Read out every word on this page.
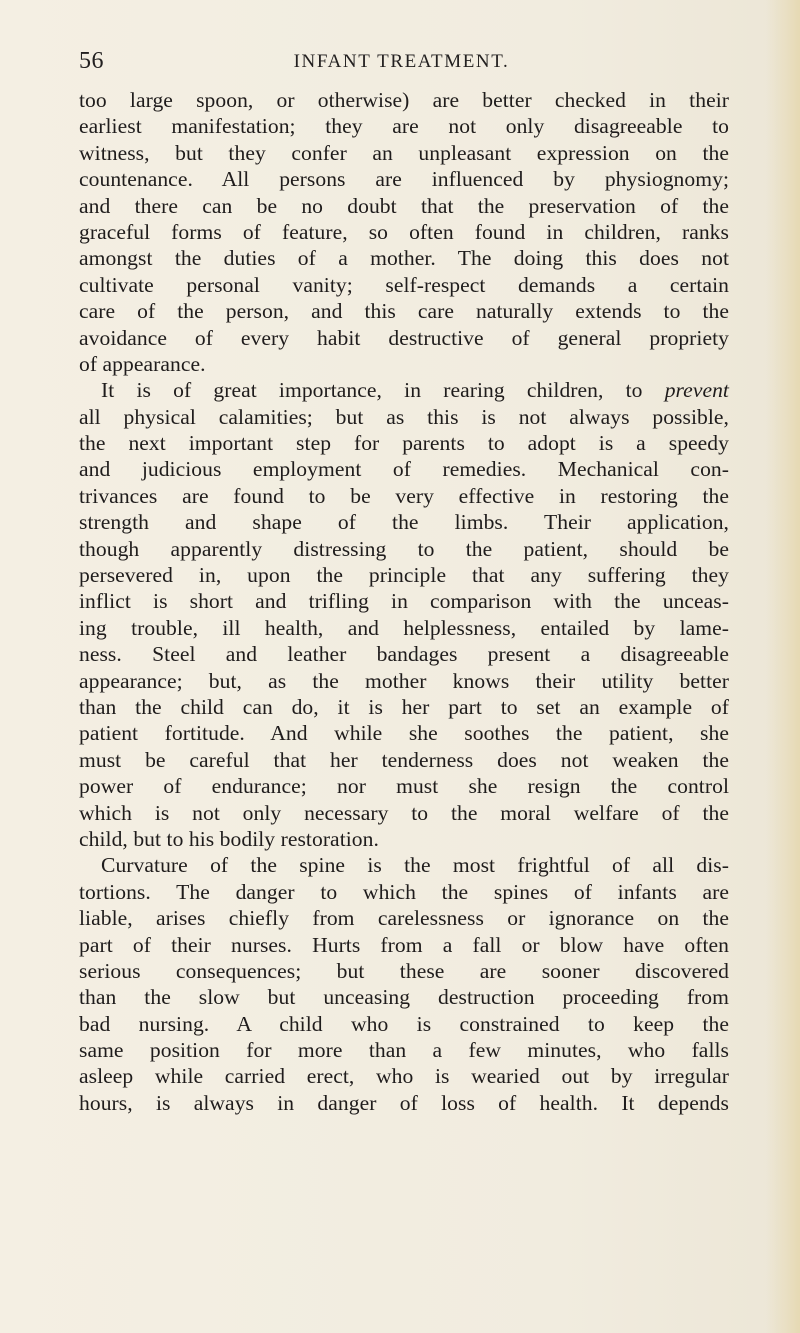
56	INFANT TREATMENT.
too large spoon, or otherwise) are better checked in their
earliest manifestation; they are not only disagreeable to
witness, but they confer an unpleasant expression on the
countenance. All persons are influenced by physiognomy;
and there can be no doubt that the preservation of the
graceful forms of feature, so often found in children, ranks
amongst the duties of a mother. The doing this does not
cultivate personal vanity; self-respect demands a certain
care of the person, and this care naturally extends to the
avoidance of every habit destructive of general propriety
of appearance.
It is of great importance, in rearing children, to prevent
all physical calamities; but as this is not always possible,
the next important step for parents to adopt is a speedy
and judicious employment of remedies. Mechanical con-
trivances are found to be very effective in restoring the
strength and shape of the limbs. Their application,
though apparently distressing to the patient, should be
persevered in, upon the principle that any suffering they
inflict is short and trifling in comparison with the unceas-
ing trouble, ill health, and helplessness, entailed by lame-
ness. Steel and leather bandages present a disagreeable
appearance; but, as the mother knows their utility better
than the child can do, it is her part to set an example of
patient fortitude. And while she soothes the patient, she
must be careful that her tenderness does not weaken the
power of endurance; nor must she resign the control
which is not only necessary to the moral welfare of the
child, but to his bodily restoration.
Curvature of the spine is the most frightful of all dis-
tortions. The danger to which the spines of infants are
liable, arises chiefly from carelessness or ignorance on the
part of their nurses. Hurts from a fall or blow have often
serious consequences; but these are sooner discovered
than the slow but unceasing destruction proceeding from
bad nursing. A child who is constrained to keep the
same position for more than a few minutes, who falls
asleep while carried erect, who is wearied out by irregular
hours, is always in danger of loss of health. It depends
